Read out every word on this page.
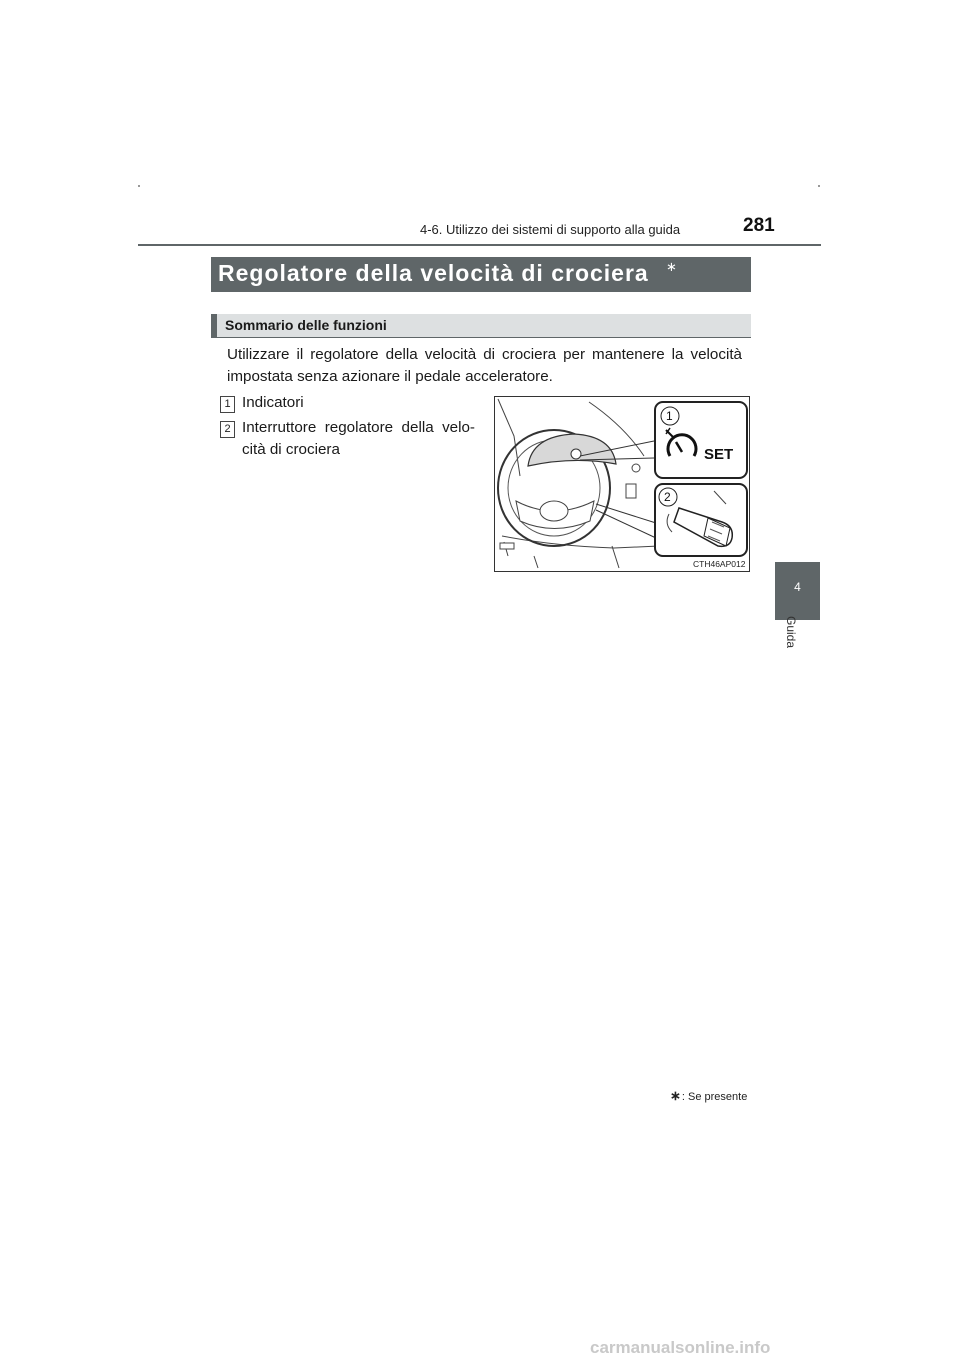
4-6. Utilizzo dei sistemi di supporto alla guida	281
4
Guida
Regolatore della velocità di crociera ∗
Sommario delle funzioni
Utilizzare il regolatore della velocità di crociera per mantenere la velocità impostata senza azionare il pedale acceleratore.
1 Indicatori
2 Interruttore regolatore della velo-
cità di crociera
1
2
SET
CTH46AP012
∗: Se presente
carmanualsonline.info
